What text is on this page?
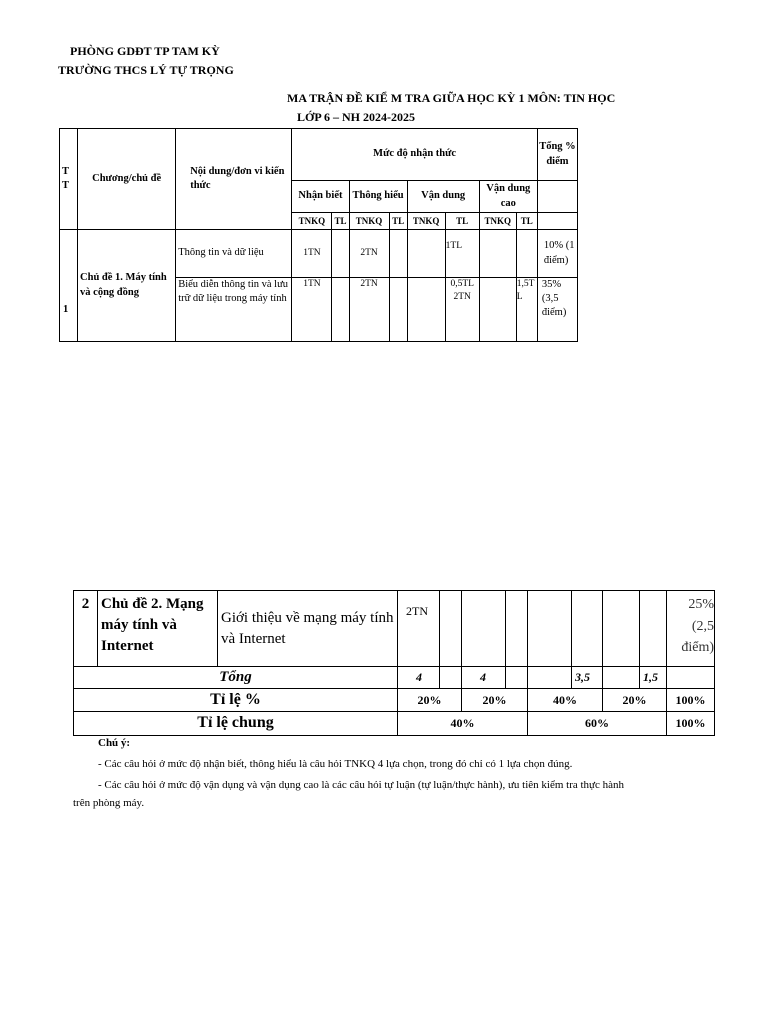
PHÒNG GDĐT TP TAM KỲ
TRƯỜNG THCS LÝ TỰ TRỌNG
MA TRẬN ĐỀ KIỂ M TRA GIỮA HỌC KỲ 1 MÔN: TIN HỌC
LỚP 6 – NH 2024-2025
T T	Chương/chủ đề	Nội dung/đơn vi kiến thức	Mức độ nhận thức								Tổng % điểm
			Nhận biết		Thông hiểu		Vận dung		Vận dung cao		
			TNKQ	TL	TNKQ	TL	TNKQ	TL	TNKQ	TL	
1	Chủ đề 1. Máy tính và cộng đồng	Thông tin và dữ liệu	1TN		2TN			1TL			10% (1 điểm)
		Biểu diễn thông tin và lưu trữ dữ liệu trong máy tính	1TN		2TN			0,5TL 2TN		1,5T L	35% (3,5 điểm)
2	Chủ đề 2. Mạng máy tính và Internet	Giới thiệu về mạng máy tính và Internet	2TN								25%
(2,5 điểm)
Tổng			4		4			3,5		1,5	
Tỉ lệ %			20%		20%		40%		20%		100%
Tỉ lệ chung			40%				60%				100%
Chú ý:
- Các câu hỏi ở mức độ nhận biết, thông hiểu là câu hỏi TNKQ 4 lựa chọn, trong đó chỉ có 1 lựa chọn đúng.
- Các câu hỏi ở mức độ vận dụng và vận dụng cao là các câu hỏi tự luận (tự luận/thực hành), ưu tiên kiểm tra thực hành
trên phòng máy.
